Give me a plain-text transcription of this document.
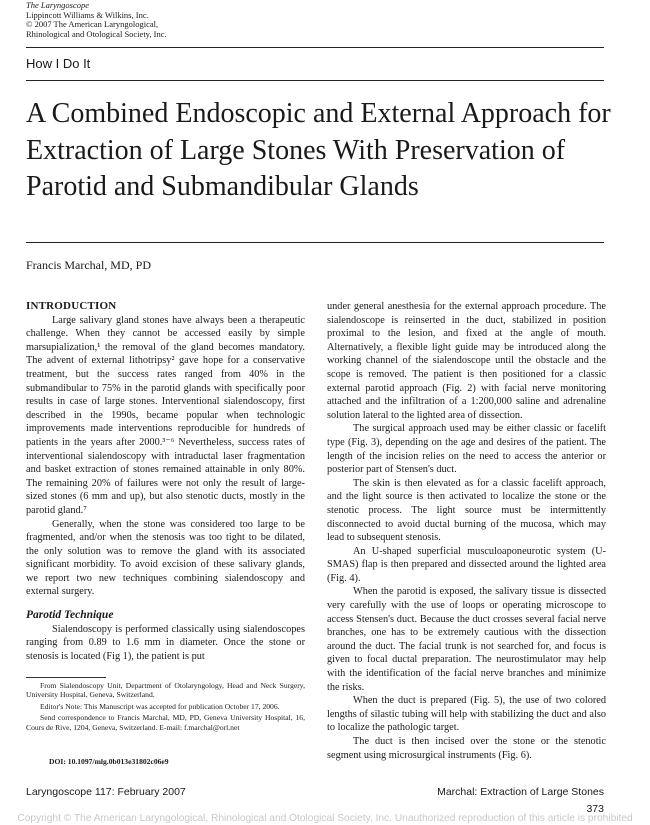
The Laryngoscope
Lippincott Williams & Wilkins, Inc.
© 2007 The American Laryngological,
Rhinological and Otological Society, Inc.
How I Do It
A Combined Endoscopic and External Approach for Extraction of Large Stones With Preservation of Parotid and Submandibular Glands
Francis Marchal, MD, PD
INTRODUCTION

Large salivary gland stones have always been a therapeutic challenge. When they cannot be accessed easily by simple marsupialization,¹ the removal of the gland becomes mandatory. The advent of external lithotripsy² gave hope for a conservative treatment, but the success rates ranged from 40% in the submandibular to 75% in the parotid glands with specifically poor results in case of large stones. Interventional sialendoscopy, first described in the 1990s, became popular when technologic improvements made interventions reproducible for hundreds of patients in the years after 2000.³⁻⁶ Nevertheless, success rates of interventional sialendoscopy with intraductal laser fragmentation and basket extraction of stones remained attainable in only 80%. The remaining 20% of failures were not only the result of large-sized stones (6 mm and up), but also stenotic ducts, mostly in the parotid gland.⁷

Generally, when the stone was considered too large to be fragmented, and/or when the stenosis was too tight to be dilated, the only solution was to remove the gland with its associated significant morbidity. To avoid excision of these salivary glands, we report two new techniques combining sialendoscopy and external surgery.

Parotid Technique

Sialendoscopy is performed classically using sialendoscopes ranging from 0.89 to 1.6 mm in diameter. Once the stone or stenosis is located (Fig 1), the patient is put

From Sialendoscopy Unit, Department of Otolaryngology, Head and Neck Surgery, University Hospital, Geneva, Switzerland.

Editor's Note: This Manuscript was accepted for publication October 17, 2006.

Send correspondence to Francis Marchal, MD, PD, Geneva University Hospital, 16, Cours de Rive, 1204, Geneva, Switzerland. E-mail: f.marchal@orl.net

DOI: 10.1097/mlg.0b013e31802c06e9

under general anesthesia for the external approach procedure. The sialendoscope is reinserted in the duct, stabilized in position proximal to the lesion, and fixed at the angle of mouth. Alternatively, a flexible light guide may be introduced along the working channel of the sialendoscope until the obstacle and the scope is removed. The patient is then positioned for a classic external parotid approach (Fig. 2) with facial nerve monitoring attached and the infiltration of a 1:200,000 saline and adrenaline solution lateral to the lighted area of dissection.

The surgical approach used may be either classic or facelift type (Fig. 3), depending on the age and desires of the patient. The length of the incision relies on the need to access the anterior or posterior part of Stensen's duct.

The skin is then elevated as for a classic facelift approach, and the light source is then activated to localize the stone or the stenotic process. The light source must be intermittently disconnected to avoid ductal burning of the mucosa, which may lead to subsequent stenosis.

An U-shaped superficial musculoaponeurotic system (U-SMAS) flap is then prepared and dissected around the lighted area (Fig. 4).

When the parotid is exposed, the salivary tissue is dissected very carefully with the use of loops or operating microscope to access Stensen's duct. Because the duct crosses several facial nerve branches, one has to be extremely cautious with the dissection around the duct. The facial trunk is not searched for, and focus is given to focal ductal preparation. The neurostimulator may help with the identification of the facial nerve branches and minimize the risks.

When the duct is prepared (Fig. 5), the use of two colored lengths of silastic tubing will help with stabilizing the duct and also to localize the pathologic target.

The duct is then incised over the stone or the stenotic segment using microsurgical instruments (Fig. 6).

Laryngoscope 117: February 2007	Marchal: Extraction of Large Stones
373
Copyright © The American Laryngological, Rhinological and Otological Society, Inc. Unauthorized reproduction of this article is prohibited
